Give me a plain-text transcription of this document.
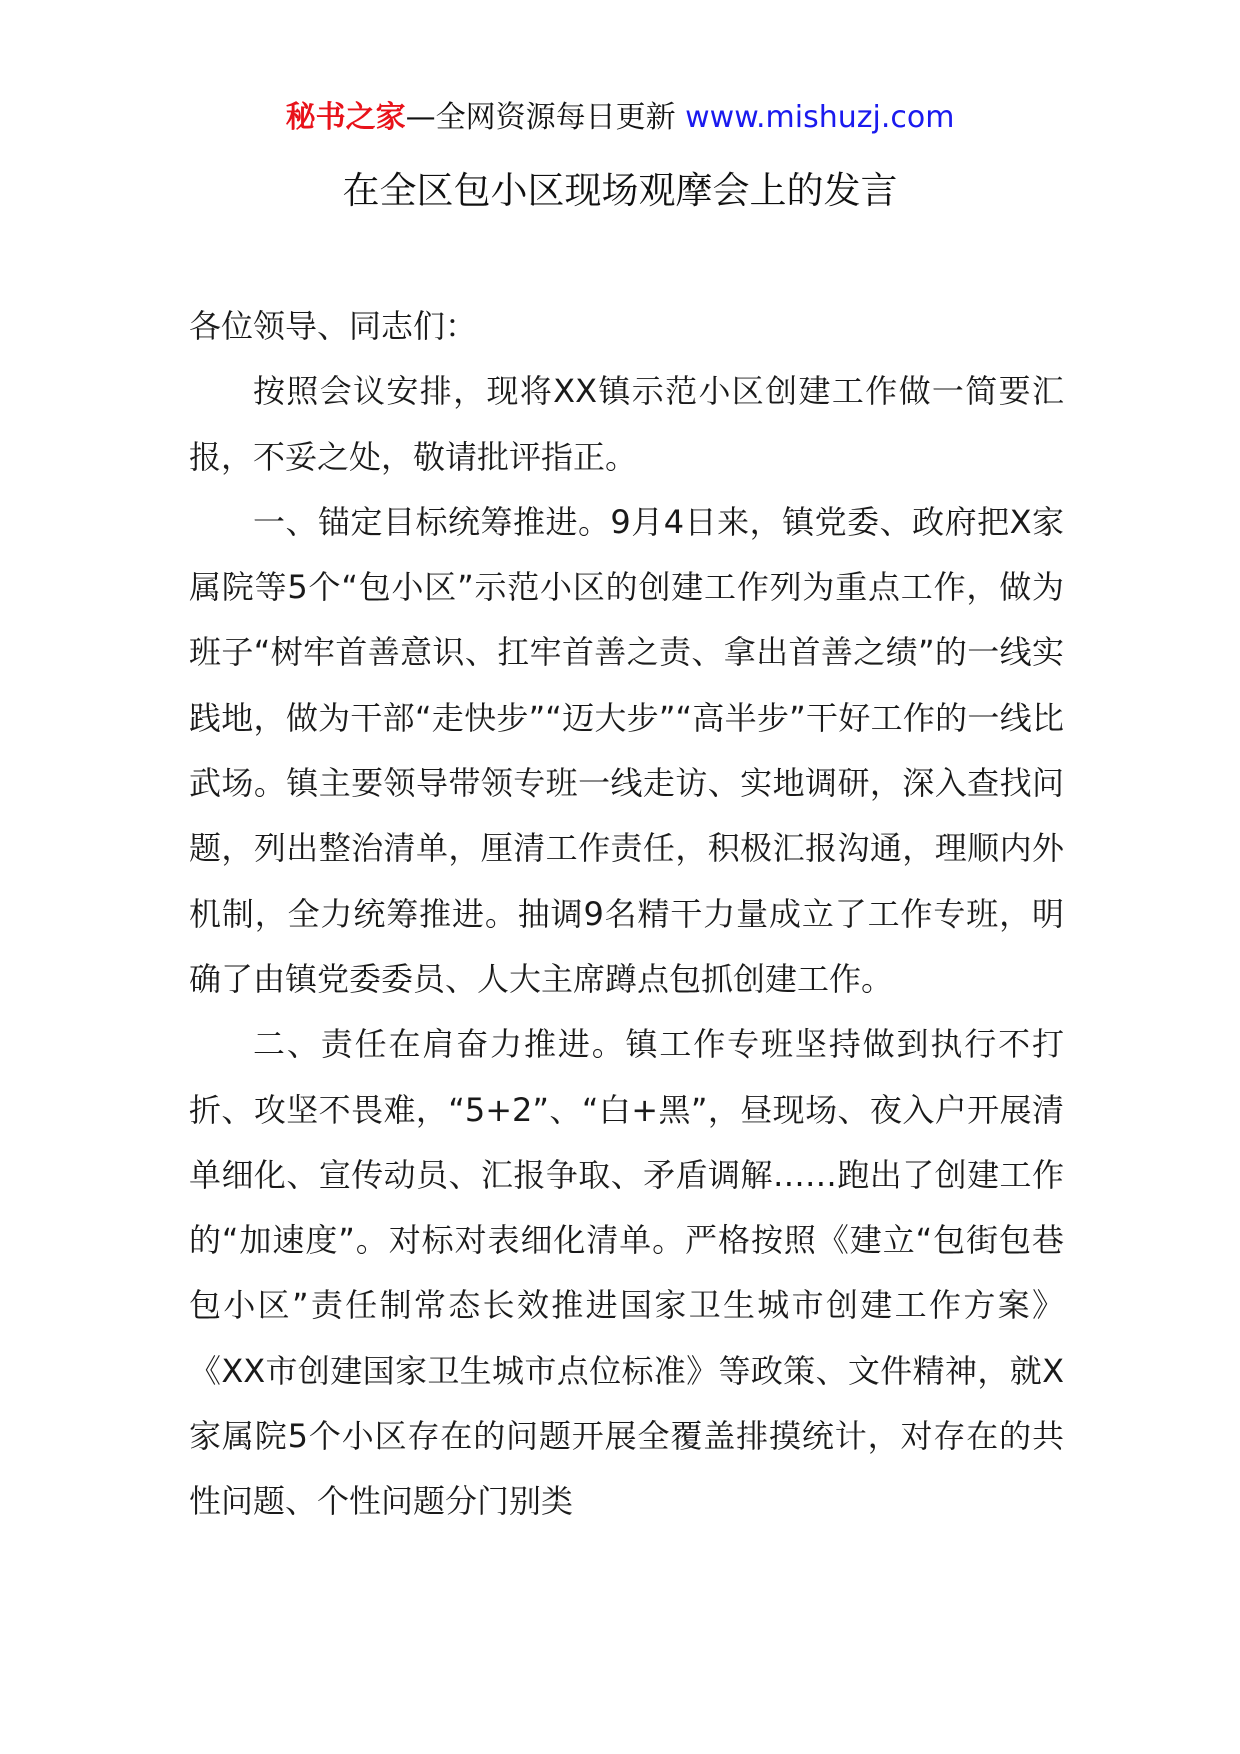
秘书之家—全网资源每日更新 www.mishuzj.com
在全区包小区现场观摩会上的发言

各位领导、同志们：

按照会议安排，现将XX镇示范小区创建工作做一简要汇报，不妥之处，敬请批评指正。

一、锚定目标统筹推进。9月4日来，镇党委、政府把X家属院等5个“包小区”示范小区的创建工作列为重点工作，做为班子“树牢首善意识、扛牢首善之责、拿出首善之绩”的一线实践地，做为干部“走快步”“迈大步”“高半步”干好工作的一线比武场。镇主要领导带领专班一线走访、实地调研，深入查找问题，列出整治清单，厘清工作责任，积极汇报沟通，理顺内外机制，全力统筹推进。抽调9名精干力量成立了工作专班，明确了由镇党委委员、人大主席蹲点包抓创建工作。

二、责任在肩奋力推进。镇工作专班坚持做到执行不打折、攻坚不畏难，“5+2”、“白+黑”，昼现场、夜入户开展清单细化、宣传动员、汇报争取、矛盾调解……跑出了创建工作的“加速度”。对标对表细化清单。严格按照《建立“包街包巷包小区”责任制常态长效推进国家卫生城市创建工作方案》《XX市创建国家卫生城市点位标准》等政策、文件精神，就X家属院5个小区存在的问题开展全覆盖排摸统计，对存在的共性问题、个性问题分门别类
